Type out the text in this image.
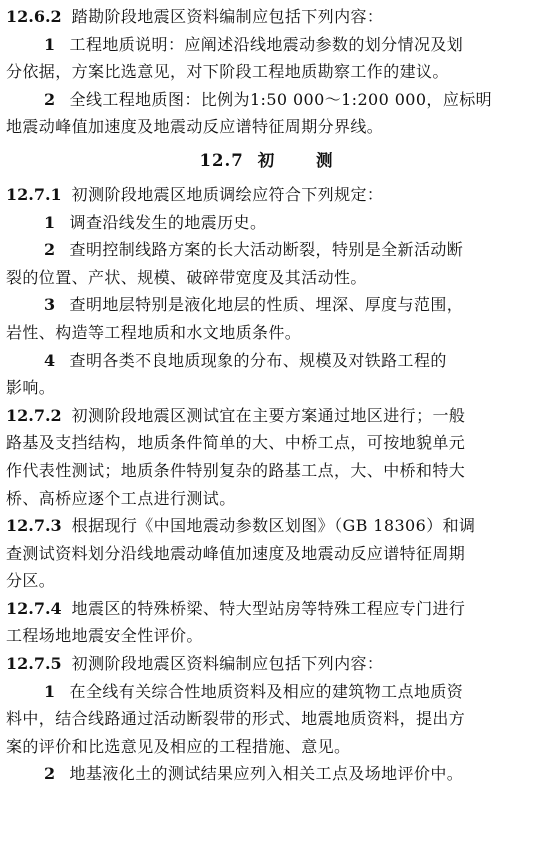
12.6.2 踏勘阶段地震区资料编制应包括下列内容：
1 工程地质说明：应阐述沿线地震动参数的划分情况及划
分依据，方案比选意见，对下阶段工程地质勘察工作的建议。
2 全线工程地质图：比例为1:50 000～1:200 000，应标明
地震动峰值加速度及地震动反应谱特征周期分界线。
12.7 初 测
12.7.1 初测阶段地震区地质调绘应符合下列规定：
1 调查沿线发生的地震历史。
2 查明控制线路方案的长大活动断裂，特别是全新活动断
裂的位置、产状、规模、破碎带宽度及其活动性。
3 查明地层特别是液化地层的性质、埋深、厚度与范围，
岩性、构造等工程地质和水文地质条件。
4 查明各类不良地质现象的分布、规模及对铁路工程的
影响。
12.7.2 初测阶段地震区测试宜在主要方案通过地区进行；一般
路基及支挡结构，地质条件简单的大、中桥工点，可按地貌单元
作代表性测试；地质条件特别复杂的路基工点，大、中桥和特大
桥、高桥应逐个工点进行测试。
12.7.3 根据现行《中国地震动参数区划图》（GB 18306）和调
查测试资料划分沿线地震动峰值加速度及地震动反应谱特征周期
分区。
12.7.4 地震区的特殊桥梁、特大型站房等特殊工程应专门进行
工程场地地震安全性评价。
12.7.5 初测阶段地震区资料编制应包括下列内容：
1 在全线有关综合性地质资料及相应的建筑物工点地质资
料中，结合线路通过活动断裂带的形式、地震地质资料，提出方
案的评价和比选意见及相应的工程措施、意见。
2 地基液化土的测试结果应列入相关工点及场地评价中。
